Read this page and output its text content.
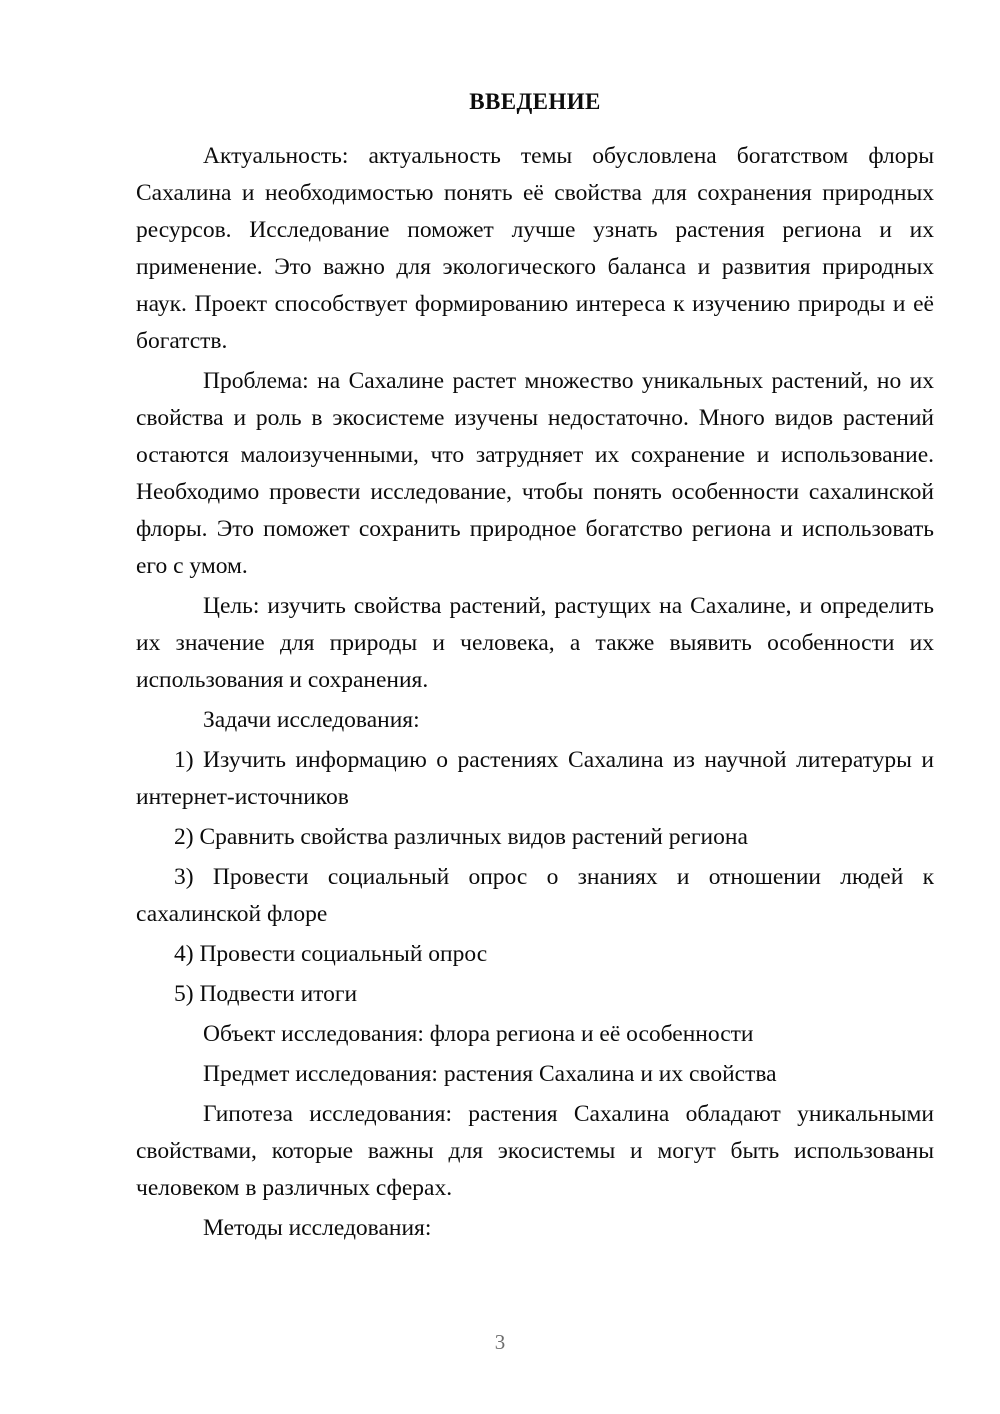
ВВЕДЕНИЕ

Актуальность: актуальность темы обусловлена богатством флоры Сахалина и необходимостью понять её свойства для сохранения природных ресурсов. Исследование поможет лучше узнать растения региона и их применение. Это важно для экологического баланса и развития природных наук. Проект способствует формированию интереса к изучению природы и её богатств.

Проблема: на Сахалине растет множество уникальных растений, но их свойства и роль в экосистеме изучены недостаточно. Много видов растений остаются малоизученными, что затрудняет их сохранение и использование. Необходимо провести исследование, чтобы понять особенности сахалинской флоры. Это поможет сохранить природное богатство региона и использовать его с умом.

Цель: изучить свойства растений, растущих на Сахалине, и определить их значение для природы и человека, а также выявить особенности их использования и сохранения.

Задачи исследования:

1) Изучить информацию о растениях Сахалина из научной литературы и интернет-источников

2) Сравнить свойства различных видов растений региона

3) Провести социальный опрос о знаниях и отношении людей к сахалинской флоре

4) Провести социальный опрос

5) Подвести итоги

Объект исследования: флора региона и её особенности

Предмет исследования: растения Сахалина и их свойства

Гипотеза исследования: растения Сахалина обладают уникальными свойствами, которые важны для экосистемы и могут быть использованы человеком в различных сферах.

Методы исследования:

3
